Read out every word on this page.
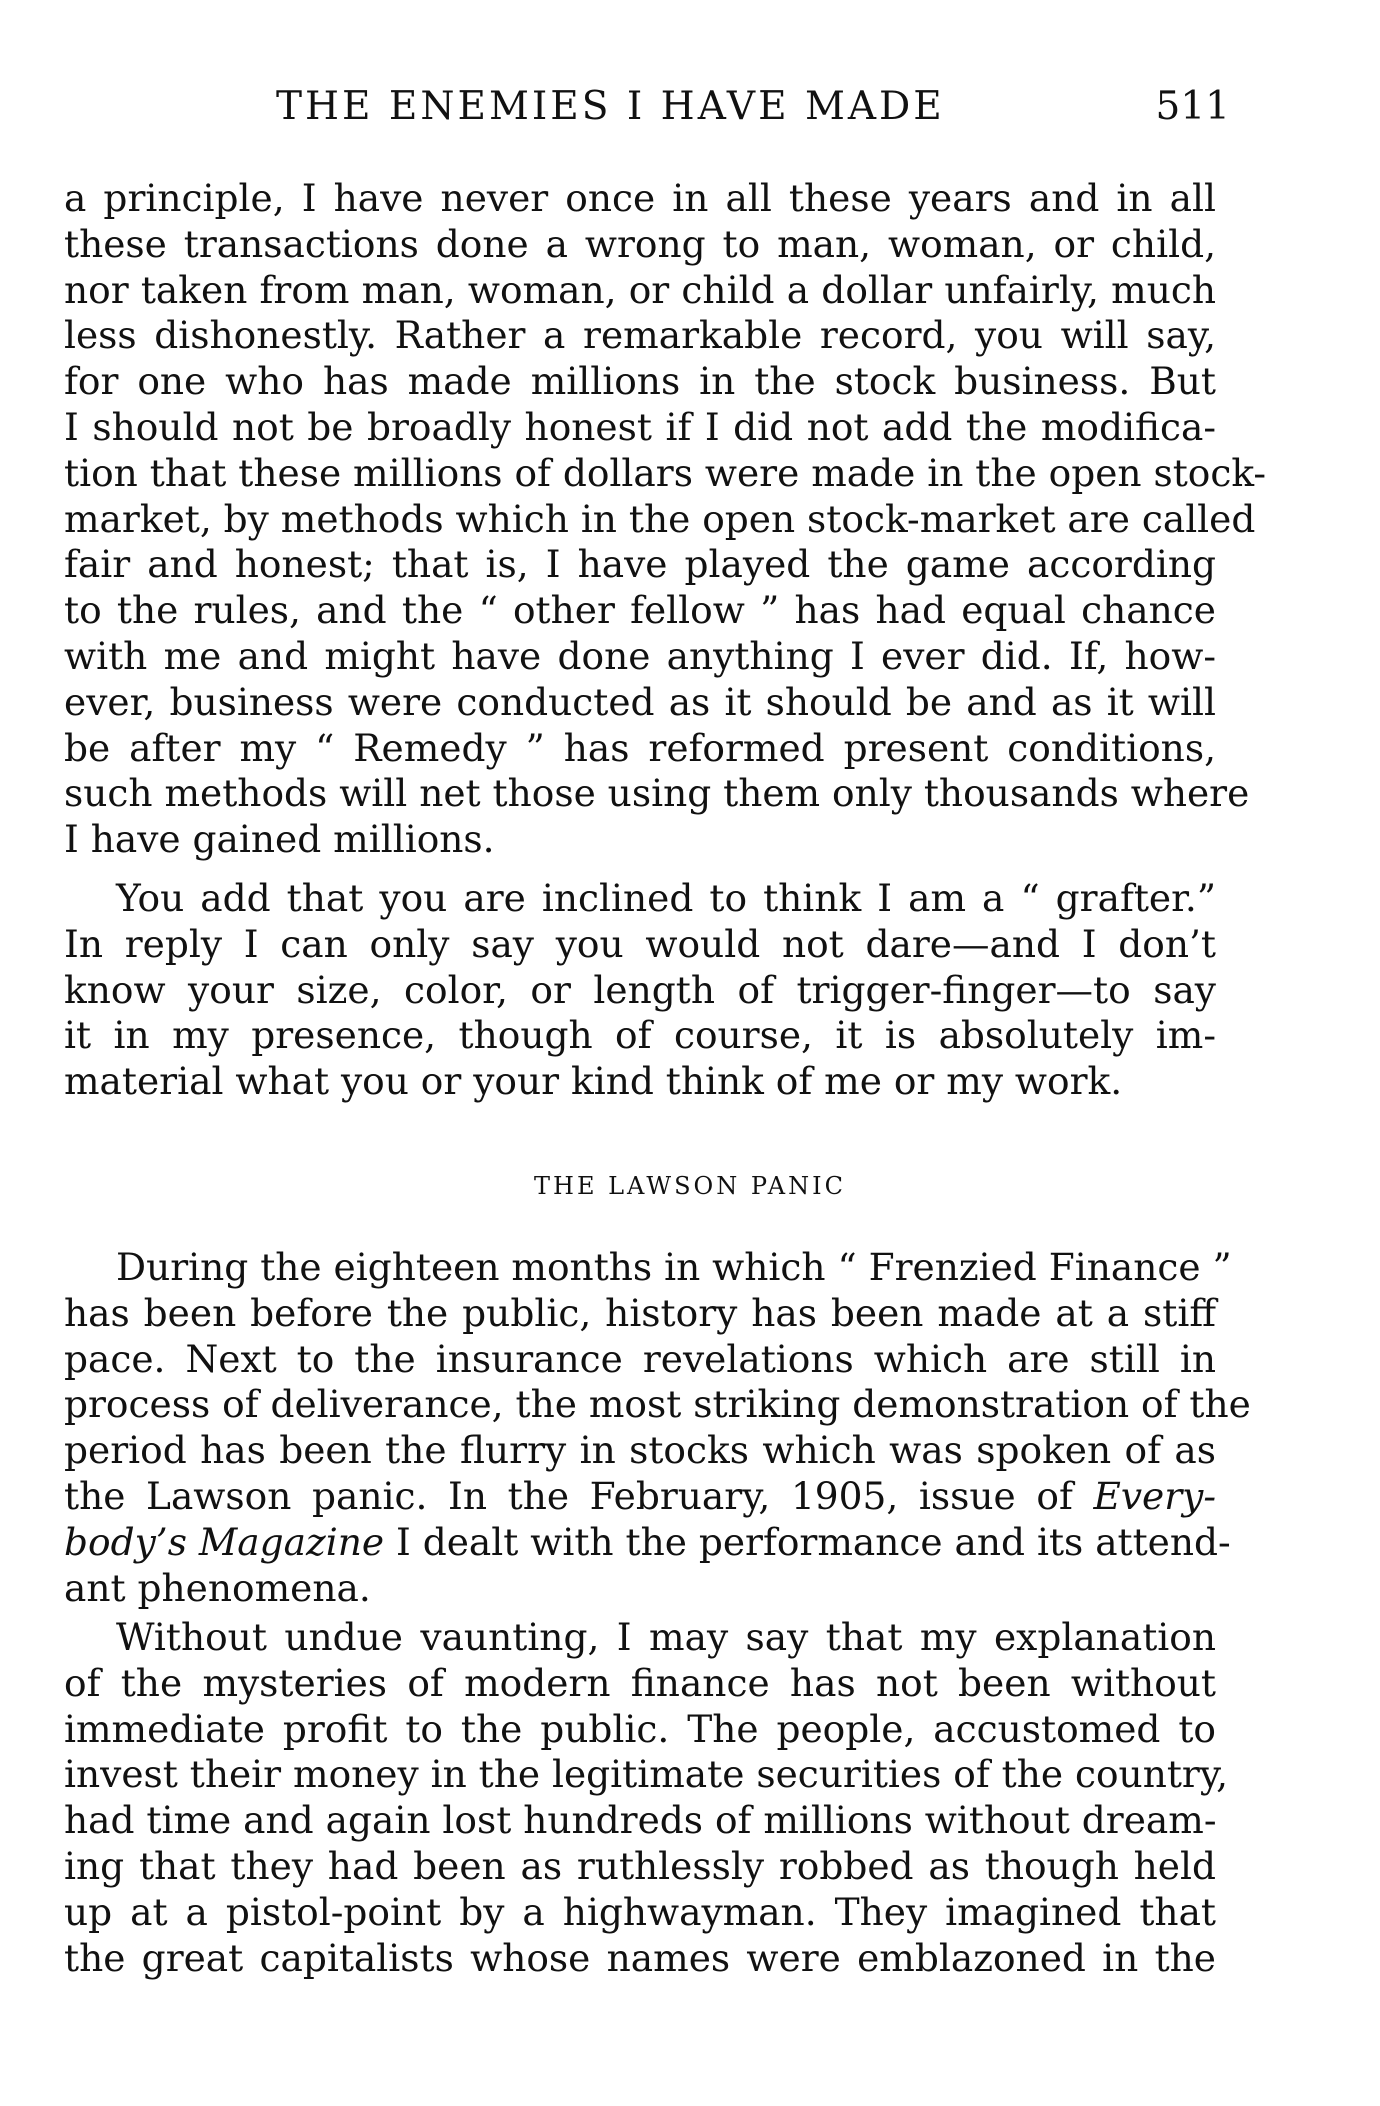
THE ENEMIES I HAVE MADE	511
a principle, I have never once in all these years and in all
these transactions done a wrong to man, woman, or child,
nor taken from man, woman, or child a dollar unfairly, much
less dishonestly. Rather a remarkable record, you will say,
for one who has made millions in the stock business. But
I should not be broadly honest if I did not add the modifica-
tion that these millions of dollars were made in the open stock-
market, by methods which in the open stock-market are called
fair and honest; that is, I have played the game according
to the rules, and the “ other fellow ” has had equal chance
with me and might have done anything I ever did. If, how-
ever, business were conducted as it should be and as it will
be after my “ Remedy ” has reformed present conditions,
such methods will net those using them only thousands where
I have gained millions.
You add that you are inclined to think I am a “ grafter.”
In reply I can only say you would not dare—and I don’t
know your size, color, or length of trigger-finger—to say
it in my presence, though of course, it is absolutely im-
material what you or your kind think of me or my work.
THE LAWSON PANIC
During the eighteen months in which “ Frenzied Finance ”
has been before the public, history has been made at a stiff
pace. Next to the insurance revelations which are still in
process of deliverance, the most striking demonstration of the
period has been the flurry in stocks which was spoken of as
the Lawson panic. In the February, 1905, issue of Every-
body’s Magazine I dealt with the performance and its attend-
ant phenomena.
Without undue vaunting, I may say that my explanation
of the mysteries of modern finance has not been without
immediate profit to the public. The people, accustomed to
invest their money in the legitimate securities of the country,
had time and again lost hundreds of millions without dream-
ing that they had been as ruthlessly robbed as though held
up at a pistol-point by a highwayman. They imagined that
the great capitalists whose names were emblazoned in the
